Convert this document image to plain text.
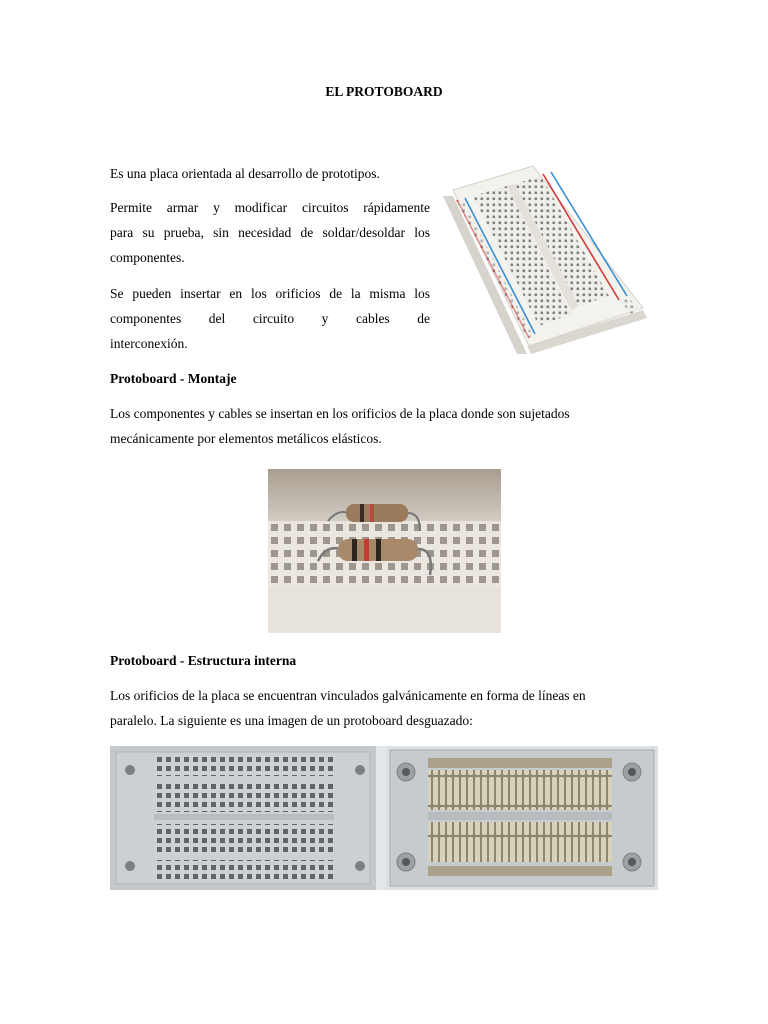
EL PROTOBOARD
Es una placa orientada al desarrollo de prototipos.
Permite armar y modificar circuitos rápidamente
para su prueba, sin necesidad de soldar/desoldar los
componentes.
Se pueden insertar en los orificios de la misma los
componentes del circuito y cables de
interconexión.
Protoboard - Montaje
Los componentes y cables se insertan en los orificios de la placa donde son sujetados
mecánicamente por elementos metálicos elásticos.
Protoboard - Estructura interna
Los orificios de la placa se encuentran vinculados galvánicamente en forma de líneas en
paralelo. La siguiente es una imagen de un protoboard desguazado:
